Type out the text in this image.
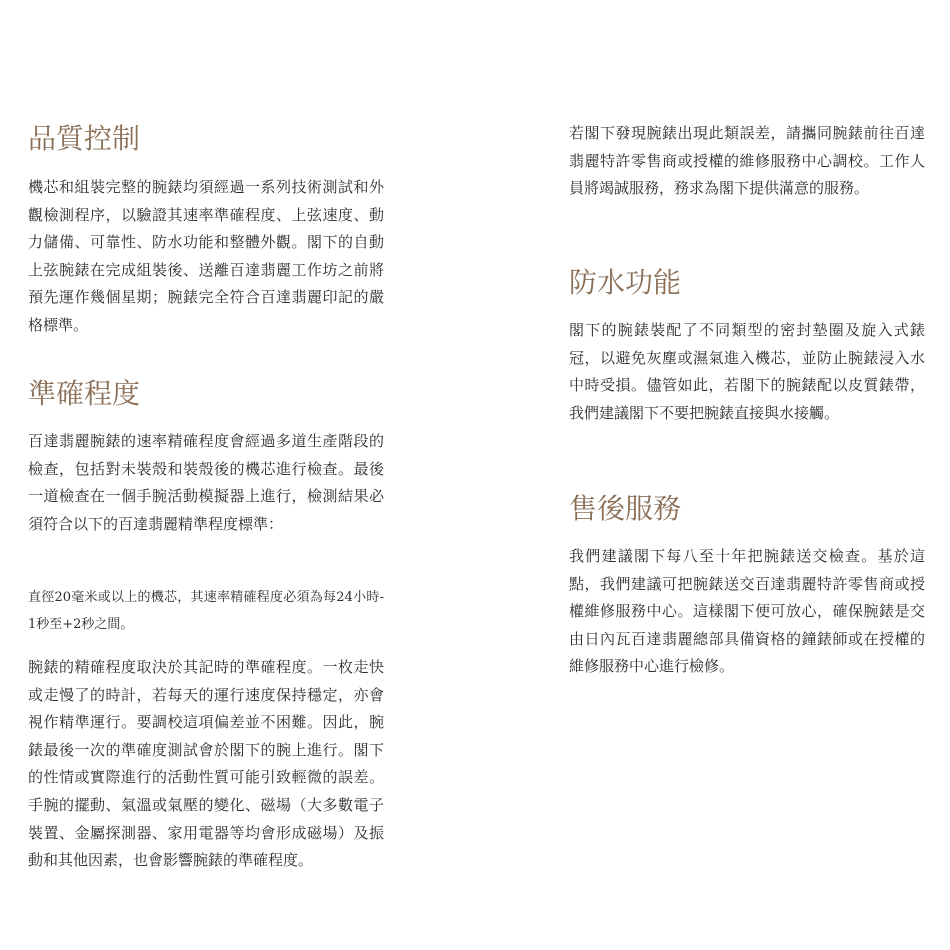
品質控制

機芯和組裝完整的腕錶均須經過一系列技術測試和外觀檢測程序，以驗證其速率準確程度、上弦速度、動力儲備、可靠性、防水功能和整體外觀。閣下的自動上弦腕錶在完成組裝後、送離百達翡麗工作坊之前將預先運作幾個星期；腕錶完全符合百達翡麗印記的嚴格標準。

準確程度

百達翡麗腕錶的速率精確程度會經過多道生產階段的檢查，包括對未裝殼和裝殼後的機芯進行檢查。最後一道檢查在一個手腕活動模擬器上進行，檢測結果必須符合以下的百達翡麗精準程度標準：

直徑20毫米或以上的機芯，其速率精確程度必須為每24小時-1秒至+2秒之間。

腕錶的精確程度取決於其記時的準確程度。一枚走快或走慢了的時計，若每天的運行速度保持穩定，亦會視作精準運行。要調校這項偏差並不困難。因此，腕錶最後一次的準確度測試會於閣下的腕上進行。閣下的性情或實際進行的活動性質可能引致輕微的誤差。手腕的擺動、氣溫或氣壓的變化、磁場（大多數電子裝置、金屬探測器、家用電器等均會形成磁場）及振動和其他因素，也會影響腕錶的準確程度。

若閣下發現腕錶出現此類誤差，請攜同腕錶前往百達翡麗特許零售商或授權的維修服務中心調校。工作人員將竭誠服務，務求為閣下提供滿意的服務。

防水功能

閣下的腕錶裝配了不同類型的密封墊圈及旋入式錶冠，以避免灰塵或濕氣進入機芯，並防止腕錶浸入水中時受損。儘管如此，若閣下的腕錶配以皮質錶帶，我們建議閣下不要把腕錶直接與水接觸。

售後服務

我們建議閣下每八至十年把腕錶送交檢查。基於這點，我們建議可把腕錶送交百達翡麗特許零售商或授權維修服務中心。這樣閣下便可放心，確保腕錶是交由日內瓦百達翡麗總部具備資格的鐘錶師或在授權的維修服務中心進行檢修。
